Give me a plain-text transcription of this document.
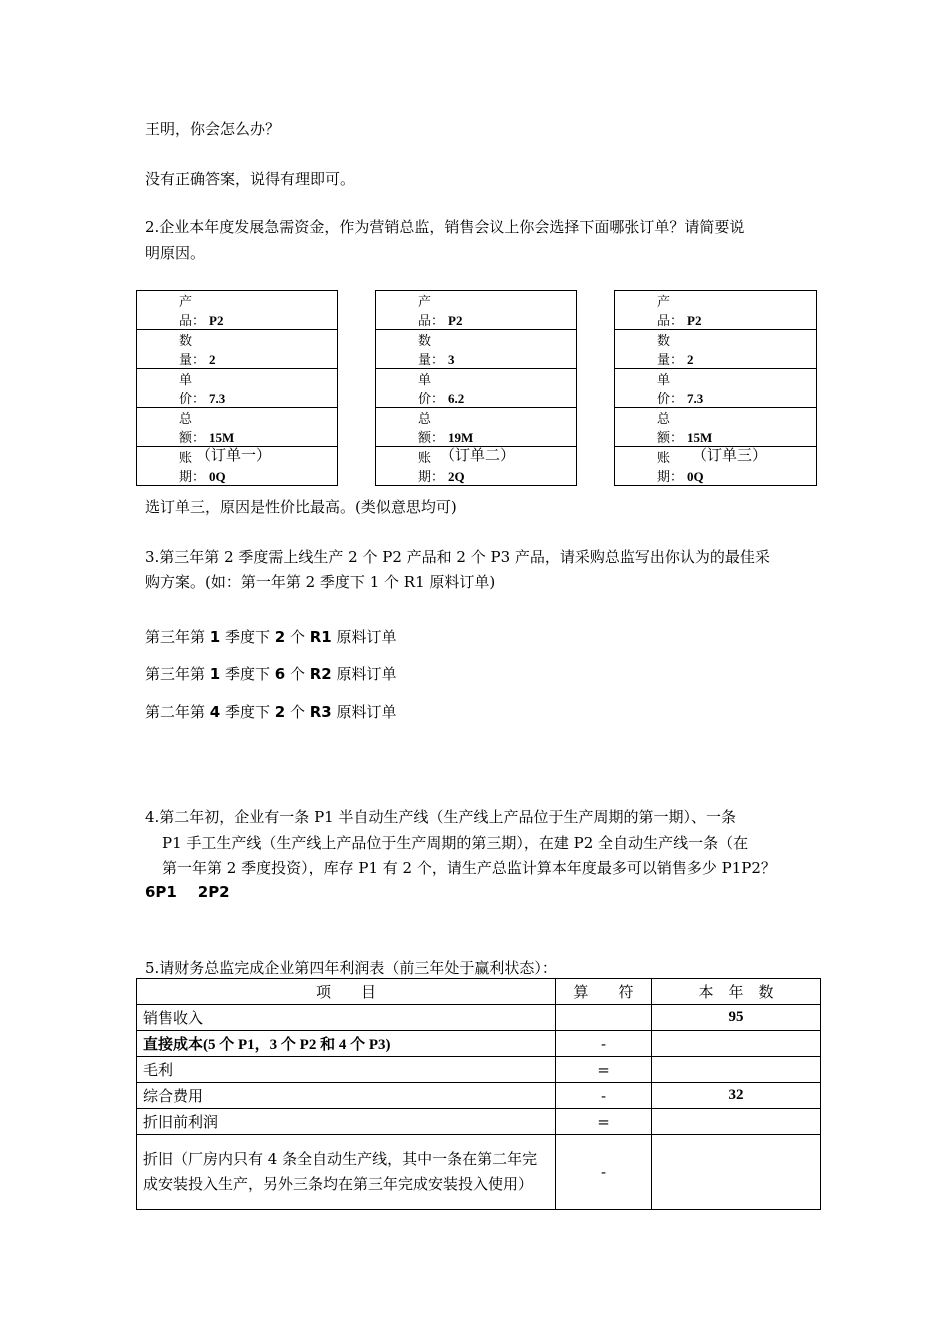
王明，你会怎么办？
没有正确答案，说得有理即可。
2.企业本年度发展急需资金，作为营销总监，销售会议上你会选择下面哪张订单？请简要说
明原因。
产品： P2
数量： 2
单价： 7.3
总额： 15M
账期： 0Q
产品： P2
数量： 3
单价： 6.2
总额： 19M
账期： 2Q
产品： P2
数量： 2
单价： 7.3
总额： 15M
账期： 0Q
（订单一）	（订单二）	（订单三）
选订单三，原因是性价比最高。(类似意思均可)
3.第三年第 2 季度需上线生产 2 个 P2 产品和 2 个 P3 产品，请采购总监写出你认为的最佳采
购方案。(如：第一年第 2 季度下 1 个 R1 原料订单)
第三年第 1 季度下 2 个 R1 原料订单
第三年第 1 季度下 6 个 R2 原料订单
第二年第 4 季度下 2 个 R3 原料订单
4.第二年初，企业有一条 P1 半自动生产线（生产线上产品位于生产周期的第一期）、一条
P1 手工生产线（生产线上产品位于生产周期的第三期），在建 P2 全自动生产线一条（在
第一年第 2 季度投资），库存 P1 有 2 个，请生产总监计算本年度最多可以销售多少 P1P2？
6P1    2P2
5.请财务总监完成企业第四年利润表（前三年处于赢利状态）：
项　　目	算　　符	本　年　数
销售收入		95
直接成本(5 个 P1，3 个 P2 和 4 个 P3)	-	
毛利	=	
综合费用	-	32
折旧前利润	=	
折旧（厂房内只有 4 条全自动生产线，其中一条在第二年完成安装投入生产，另外三条均在第三年完成安装投入使用）	-	
